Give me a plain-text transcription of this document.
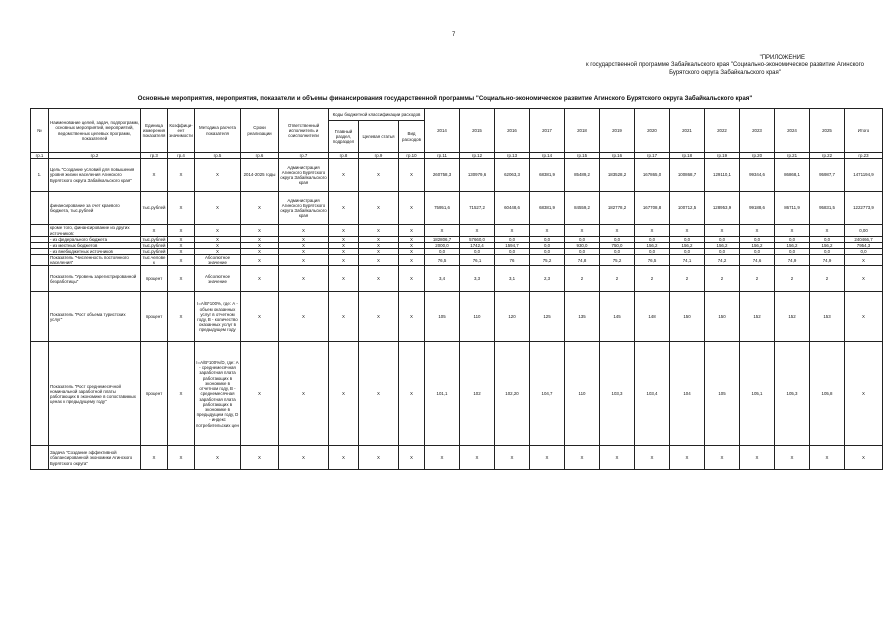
7
"ПРИЛОЖЕНИЕ
к государственной программе Забайкальского края "Социально-экономическое развитие Агинского Бурятского округа Забайкальского края"
Основные мероприятия, мероприятия, показатели и объемы финансирования государственной программы "Социально-экономическое развитие Агинского Бурятского округа Забайкальского края"
№	Наименование целей, задач, подпрограмм, основных мероприятий, мероприятий, ведомственных целевых программ, показателей	Единица измерения показателя	Коэффици-ент значимости	Методика расчета показателя	Сроки реализации	Ответственный исполнитель и соисполнители	Коды бюджетной классификации расходов			2014	2015	2016	2017	2018	2019	2020	2021	2022	2023	2024	2025	Итого
							Главный раздел, подраздел	Целевая статья	Вид расходов													
гр.1	гр.2	гр.3	гр.4	гр.5	гр.6	гр.7	гр.8	гр.9	гр.10	гр.11	гр.12	гр.13	гр.14	гр.15	гр.16	гр.17	гр.18	гр.19	гр.20	гр.21	гр.22	гр.23
1.	Цель "Создание условий для повышения уровня жизни населения Агинского Бурятского округа Забайкальского края"	Х	Х	Х	2014-2025 годы	Администрация Агинского Бурятского округа Забайкальского края	Х	Х	Х	260758,3	130979,6	62063,3	68381,9	85489,2	183528,2	167865,0	100868,7	129110,1	99344,6	86868,1	95987,7	1471194,9
	финансирование за счет краевого бюджета, тыс.рублей	тыс.рублей	Х	Х	Х	Администрация Агинского Бурятского округа Забайкальского края	Х	Х	Х	75951,6	71527,2	60448,6	68381,9	84559,2	182778,2	167708,8	100712,5	128953,9	99188,6	86711,9	95831,5	1222773,9
	кроме того, финансирование из других источников:	Х	Х	Х	Х	Х	Х	Х	Х	Х	Х	Х	Х	Х	Х	Х	Х	Х	Х	Х	Х	0,00
	- из федерального бюджета	тыс.рублей	Х	Х	Х	Х	Х	Х	Х	182806,7	57660,0	0,0	0,0	0,0	0,0	0,0	0,0	0,0	0,0	0,0	0,0	240466,7
	- из местных бюджетов	тыс.рублей	Х	Х	Х	Х	Х	Х	Х	2000,0	1742,4	1594,7	0,0	930,0	750,0	156,2	156,2	156,2	156,2	156,2	156,2	7954,3
	- из внебюджетных источников	тыс.рублей	Х	Х	Х	Х	Х	Х	Х	0,0	0,0	0,0	0,0	0,0	0,0	0,0	0,0	0,0	0,0	0,0	0,0	0,0
	Показатель "Численность постоянного населения"	тыс.человек	Х	Абсолютное значение	Х	Х	Х	Х	Х	76,5	76,1	76	75,2	74,8	75,2	76,5	74,1	74,2	74,6	74,9	74,9	Х
	Показатель "Уровень зарегистрированной безработицы"	процент	Х	Абсолютное значение	Х	Х	Х	Х	Х	3,4	3,3	3,1	2,3	2	2	2	2	2	2	2	2	Х
	Показатель "Рост объема туристских услуг"	процент	Х	I=A/B*100%, где: А - объем оказанных услуг в отчетном году, В - количество оказанных услуг в предыдущем году	Х	Х	Х	Х	Х	105	110	120	125	135	145	148	150	150	152	152	153	Х
	Показатель "Рост среднемесячной номинальной заработной платы работающих в экономике в сопоставимых ценах к предыдущему году"	процент	Х	I=A/B*100%/D, где: А - среднемесячная заработная плата работающих в экономике в отчетном году, В - среднемесячная заработная плата работающих в экономике в предыдущем году, D - индекс потребительских цен	Х	Х	Х	Х	Х	101,1	102	102,20	104,7	110	103,3	103,4	104	105	105,1	105,3	105,8	Х
	Задача "Создание эффективной сбалансированной экономики Агинского Бурятского округа"	Х	Х	Х	Х	Х	Х	Х	Х	Х	Х	Х	Х	Х	Х	Х	Х	Х	Х	Х	Х	Х
